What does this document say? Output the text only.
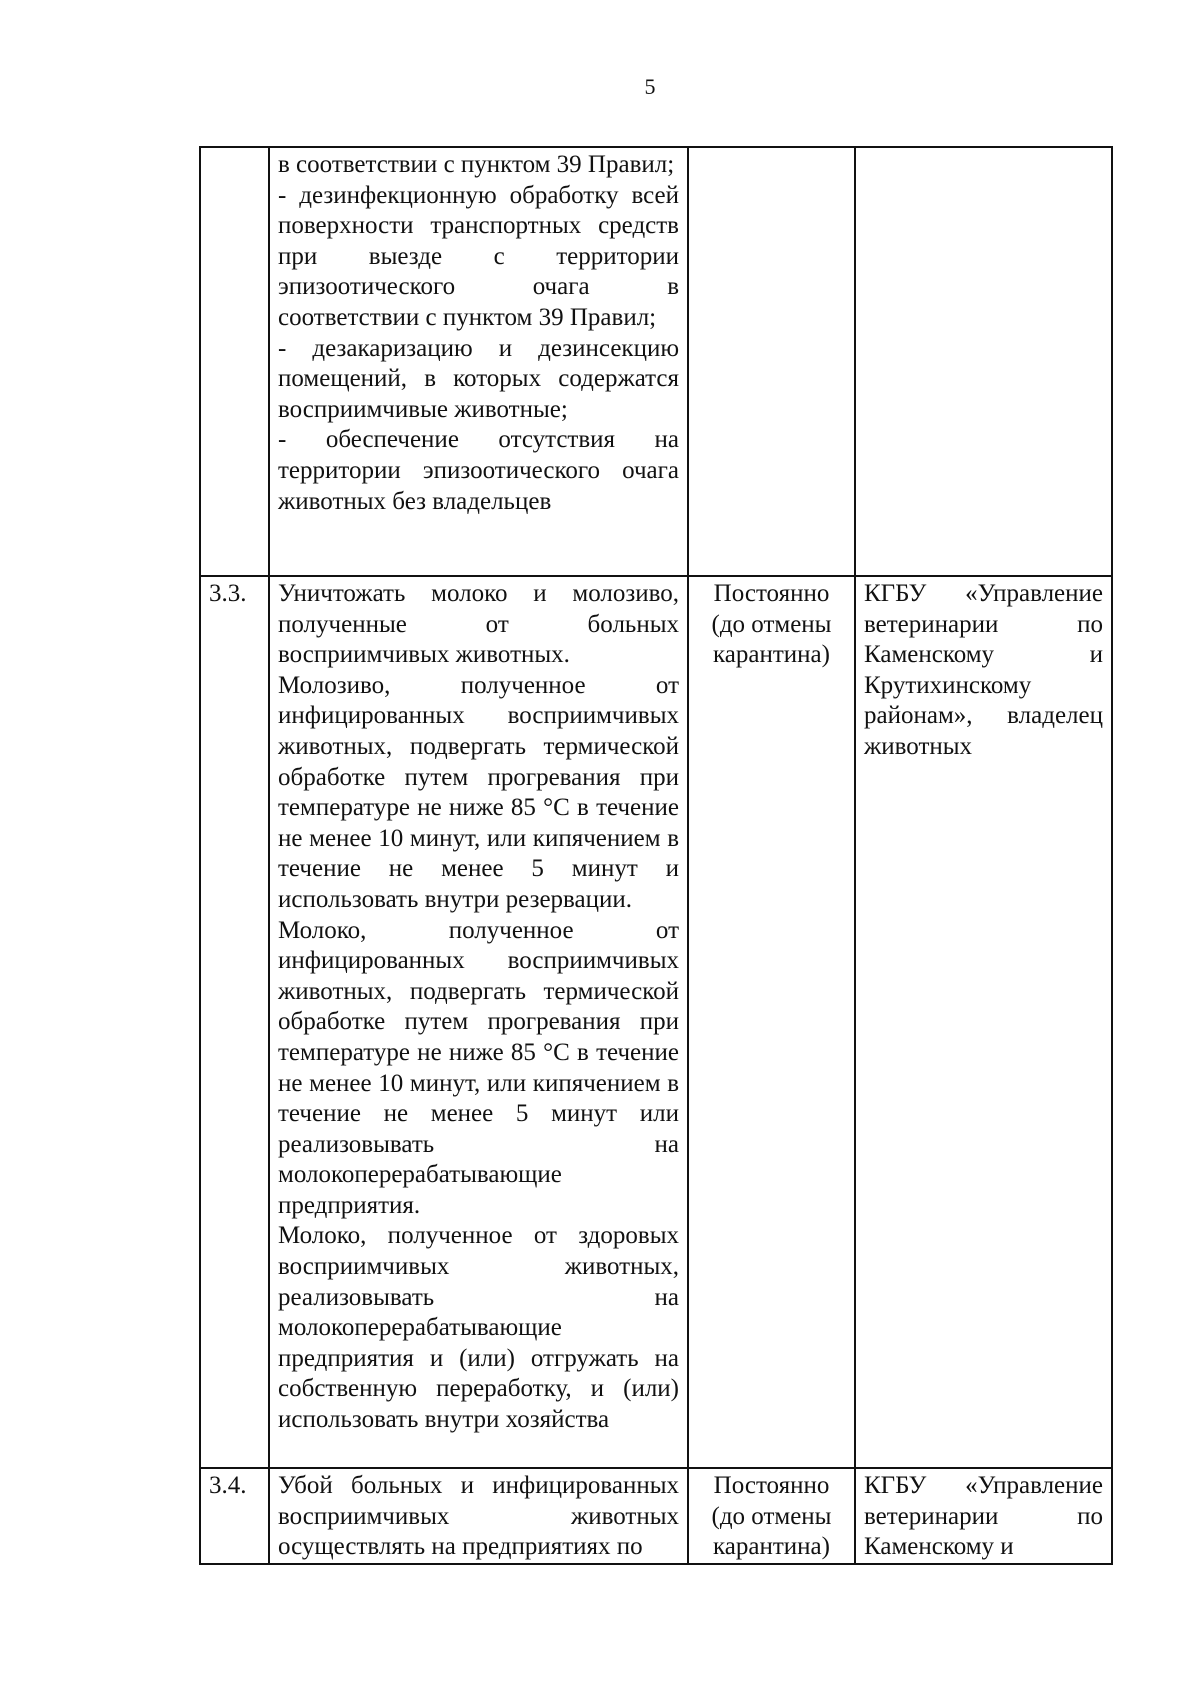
5

	в соответствии с пунктом 39 Правил;
- дезинфекционную обработку всей поверхности транспортных средств при выезде с территории эпизоотического очага в соответствии с пунктом 39 Правил;
- дезакаризацию и дезинсекцию помещений, в которых содержатся восприимчивые животные;
- обеспечение отсутствия на территории эпизоотического очага животных без владельцев		

3.3.	Уничтожать молоко и молозиво, полученные от больных восприимчивых животных.
Молозиво, полученное от инфицированных восприимчивых животных, подвергать термической обработке путем прогревания при температуре не ниже 85 °С в течение не менее 10 минут, или кипячением в течение не менее 5 минут и использовать внутри резервации.
Молоко, полученное от инфицированных восприимчивых животных, подвергать термической обработке путем прогревания при температуре не ниже 85 °С в течение не менее 10 минут, или кипячением в течение не менее 5 минут или реализовывать на молокоперерабатывающие предприятия.
Молоко, полученное от здоровых восприимчивых животных, реализовывать на молокоперерабатывающие предприятия и (или) отгружать на собственную переработку, и (или) использовать внутри хозяйства	Постоянно (до отмены карантина)	КГБУ «Управление ветеринарии по Каменскому и Крутихинскому районам», владелец животных
3.4.	Убой больных и инфицированных восприимчивых животных осуществлять на предприятиях по	Постоянно (до отмены карантина)	КГБУ «Управление ветеринарии по Каменскому и
